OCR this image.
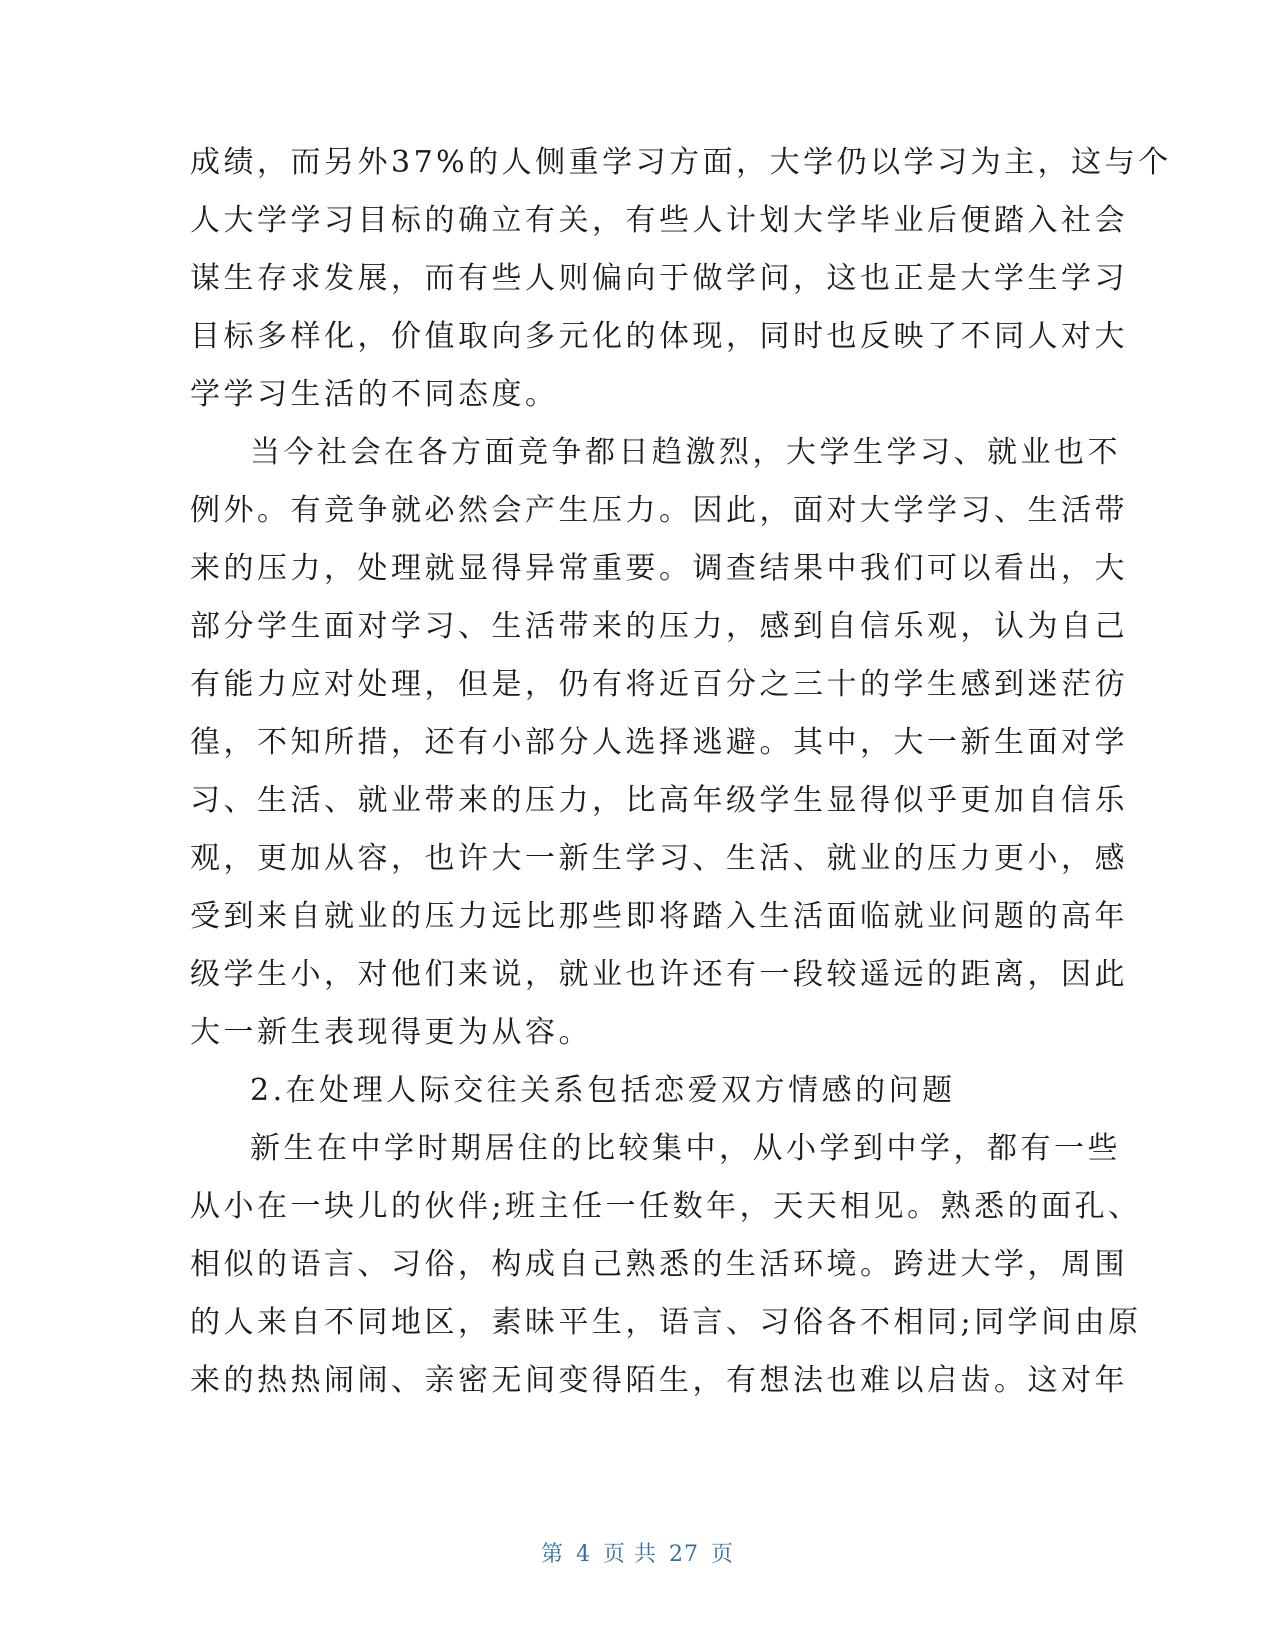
成绩，而另外37%的人侧重学习方面，大学仍以学习为主，这与个
人大学学习目标的确立有关，有些人计划大学毕业后便踏入社会
谋生存求发展，而有些人则偏向于做学问，这也正是大学生学习
目标多样化，价值取向多元化的体现，同时也反映了不同人对大
学学习生活的不同态度。
当今社会在各方面竞争都日趋激烈，大学生学习、就业也不
例外。有竞争就必然会产生压力。因此，面对大学学习、生活带
来的压力，处理就显得异常重要。调查结果中我们可以看出，大
部分学生面对学习、生活带来的压力，感到自信乐观，认为自己
有能力应对处理，但是，仍有将近百分之三十的学生感到迷茫彷
徨，不知所措，还有小部分人选择逃避。其中，大一新生面对学
习、生活、就业带来的压力，比高年级学生显得似乎更加自信乐
观，更加从容，也许大一新生学习、生活、就业的压力更小，感
受到来自就业的压力远比那些即将踏入生活面临就业问题的高年
级学生小，对他们来说，就业也许还有一段较遥远的距离，因此
大一新生表现得更为从容。
2.在处理人际交往关系包括恋爱双方情感的问题
新生在中学时期居住的比较集中，从小学到中学，都有一些
从小在一块儿的伙伴;班主任一任数年，天天相见。熟悉的面孔、
相似的语言、习俗，构成自己熟悉的生活环境。跨进大学，周围
的人来自不同地区，素昧平生，语言、习俗各不相同;同学间由原
来的热热闹闹、亲密无间变得陌生，有想法也难以启齿。这对年
第 4 页 共 27 页
